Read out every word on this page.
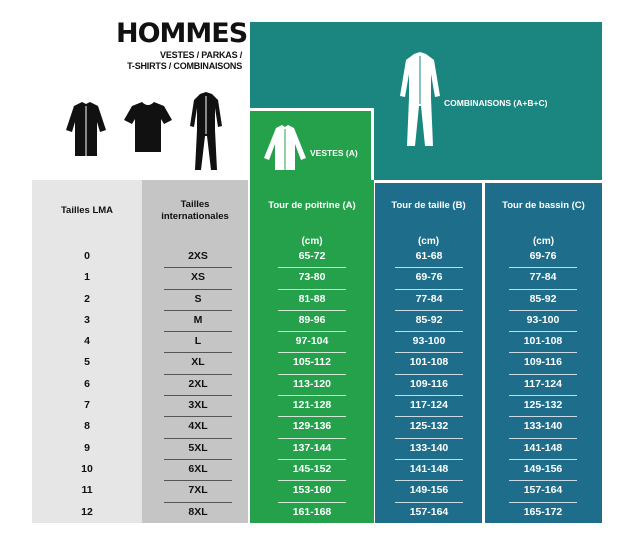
HOMMES
VESTES / PARKAS /
T-SHIRTS / COMBINAISONS
COMBINAISONS (A+B+C)
VESTES (A)
Tailles LMA
Tailles
internationales
Tour de poitrine (A)	Tour de taille (B)	Tour de bassin (C)
(cm)	(cm)	(cm)
0	2XS	65-72	61-68	69-76
1	XS	73-80	69-76	77-84
2	S	81-88	77-84	85-92
3	M	89-96	85-92	93-100
4	L	97-104	93-100	101-108
5	XL	105-112	101-108	109-116
6	2XL	113-120	109-116	117-124
7	3XL	121-128	117-124	125-132
8	4XL	129-136	125-132	133-140
9	5XL	137-144	133-140	141-148
10	6XL	145-152	141-148	149-156
11	7XL	153-160	149-156	157-164
12	8XL	161-168	157-164	165-172
